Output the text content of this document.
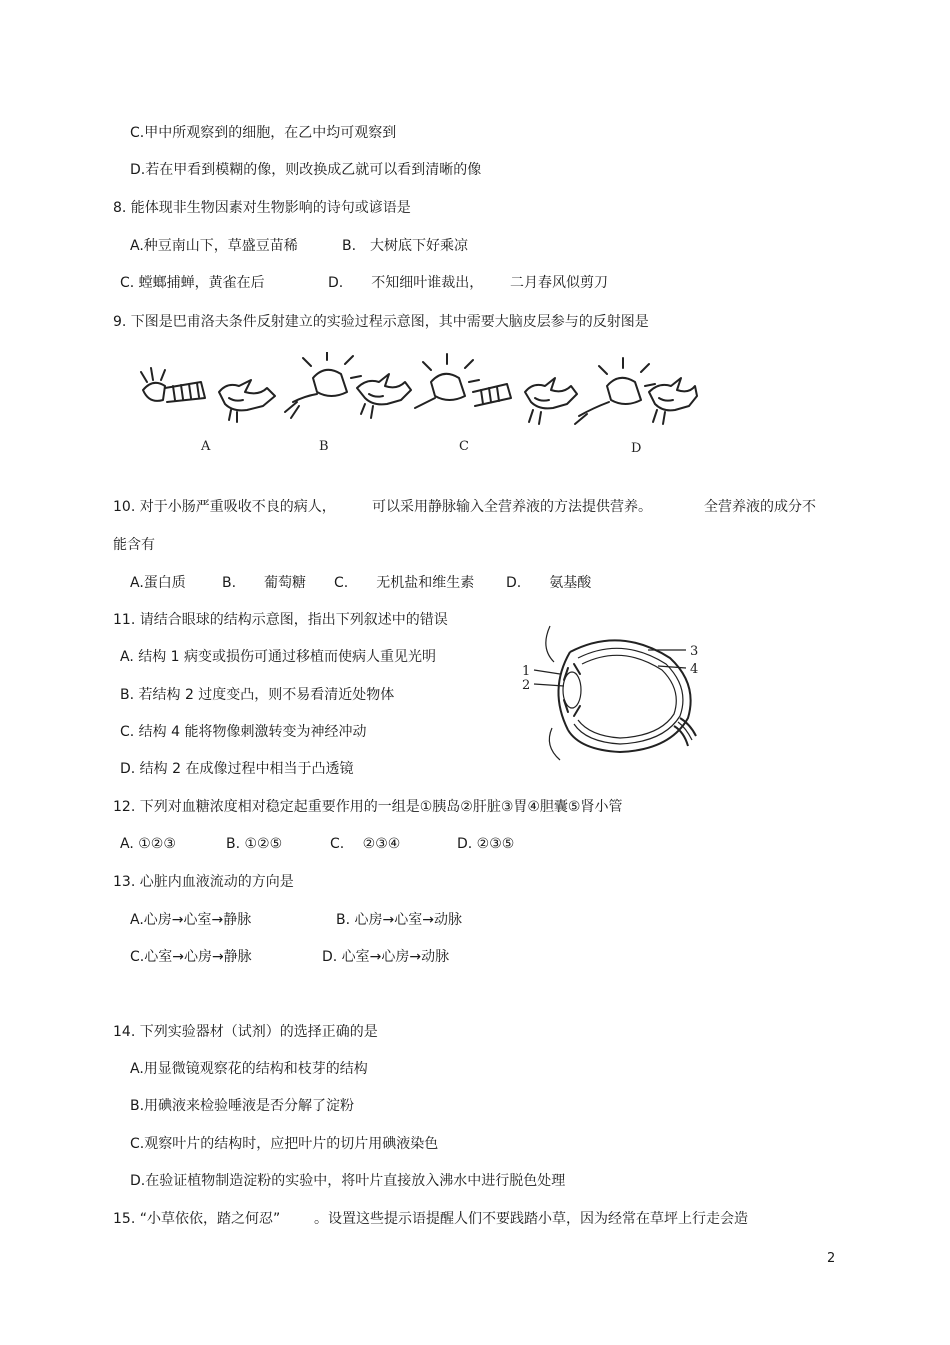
C.甲中所观察到的细胞，在乙中均可观察到
D.若在甲看到模糊的像，则改换成乙就可以看到清晰的像
8. 能体现非生物因素对生物影响的诗句或谚语是
A.种豆南山下，草盛豆苗稀	B.　大树底下好乘凉
C. 螳螂捕蝉，黄雀在后	D.　　不知细叶谁裁出， 二月春风似剪刀
9. 下图是巴甫洛夫条件反射建立的实验过程示意图，其中需要大脑皮层参与的反射图是
A	B	C	D
10. 对于小肠严重吸收不良的病人，	可以采用静脉输入全营养液的方法提供营养。	全营养液的成分不
能含有
A.蛋白质	B.　　葡萄糖 C.　　无机盐和维生素 D.　　氨基酸
11. 请结合眼球的结构示意图，指出下列叙述中的错误
A. 结构 1 病变或损伤可通过移植而使病人重见光明
B. 若结构 2 过度变凸，则不易看清近处物体
C. 结构 4 能将物像刺激转变为神经冲动
D. 结构 2 在成像过程中相当于凸透镜
1
2
3
4
12. 下列对血糖浓度相对稳定起重要作用的一组是①胰岛②肝脏③胃④胆囊⑤肾小管
A. ①②③	B. ①②⑤	C.　 ②③④	D. ②③⑤
13. 心脏内血液流动的方向是
A.心房→心室→静脉	B. 心房→心室→动脉
C.心室→心房→静脉	D. 心室→心房→动脉
14. 下列实验器材（试剂）的选择正确的是
A.用显微镜观察花的结构和枝芽的结构
B.用碘液来检验唾液是否分解了淀粉
C.观察叶片的结构时，应把叶片的切片用碘液染色
D.在验证植物制造淀粉的实验中，将叶片直接放入沸水中进行脱色处理
15. “小草依依，踏之何忍” 。设置这些提示语提醒人们不要践踏小草，因为经常在草坪上行走会造
2
